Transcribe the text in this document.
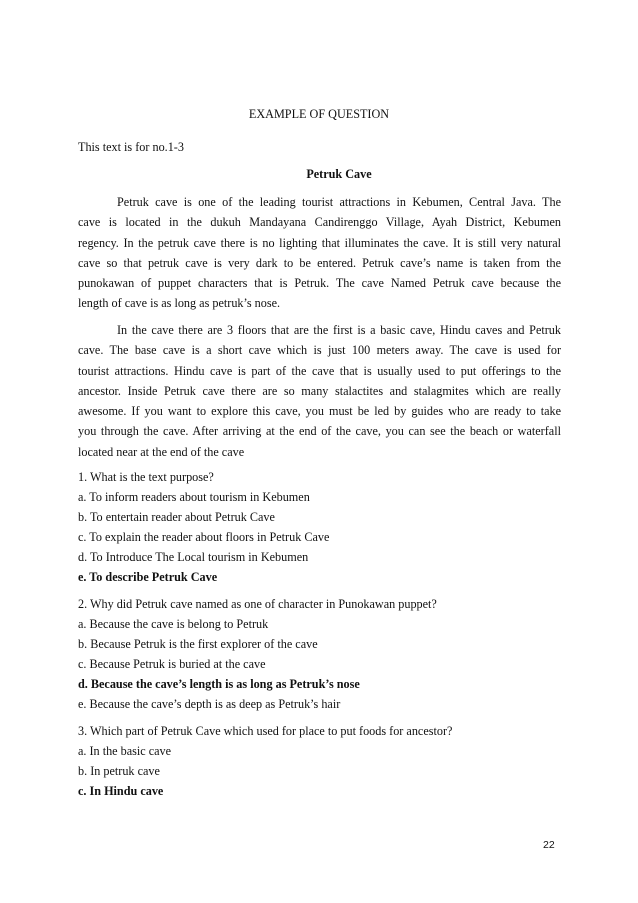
EXAMPLE OF QUESTION
This text is for no.1-3
Petruk Cave
Petruk cave is one of the leading tourist attractions in Kebumen, Central Java. The
cave is located in the dukuh Mandayana Candirenggo Village, Ayah District, Kebumen
regency. In the petruk cave there is no lighting that illuminates the cave. It is still very natural
cave so that petruk cave is very dark to be entered. Petruk cave’s name is taken from the
punokawan of puppet characters that is Petruk. The cave Named Petruk cave because the
length of cave is as long as petruk’s nose.
In the cave there are 3 floors that are the first is a basic cave, Hindu caves and Petruk
cave. The base cave is a short cave which is just 100 meters away. The cave is used for
tourist attractions. Hindu cave is part of the cave that is usually used to put offerings to the
ancestor. Inside Petruk cave there are so many stalactites and stalagmites which are really
awesome. If you want to explore this cave, you must be led by guides who are ready to take
you through the cave. After arriving at the end of the cave, you can see the beach or waterfall
located near at the end of the cave
1. What is the text purpose?
a. To inform readers about tourism in Kebumen
b. To entertain reader about Petruk Cave
c. To explain the reader about floors in Petruk Cave
d. To Introduce The Local tourism in Kebumen
e. To describe Petruk Cave
2. Why did Petruk cave named as one of character in Punokawan puppet?
a. Because the cave is belong to Petruk
b. Because Petruk is the first explorer of the cave
c. Because Petruk is buried at the cave
d. Because the cave’s length is as long as Petruk’s nose
e. Because the cave’s depth is as deep as Petruk’s hair
3. Which part of Petruk Cave which used for place to put foods for ancestor?
a. In the basic cave
b. In petruk cave
c. In Hindu cave
22
